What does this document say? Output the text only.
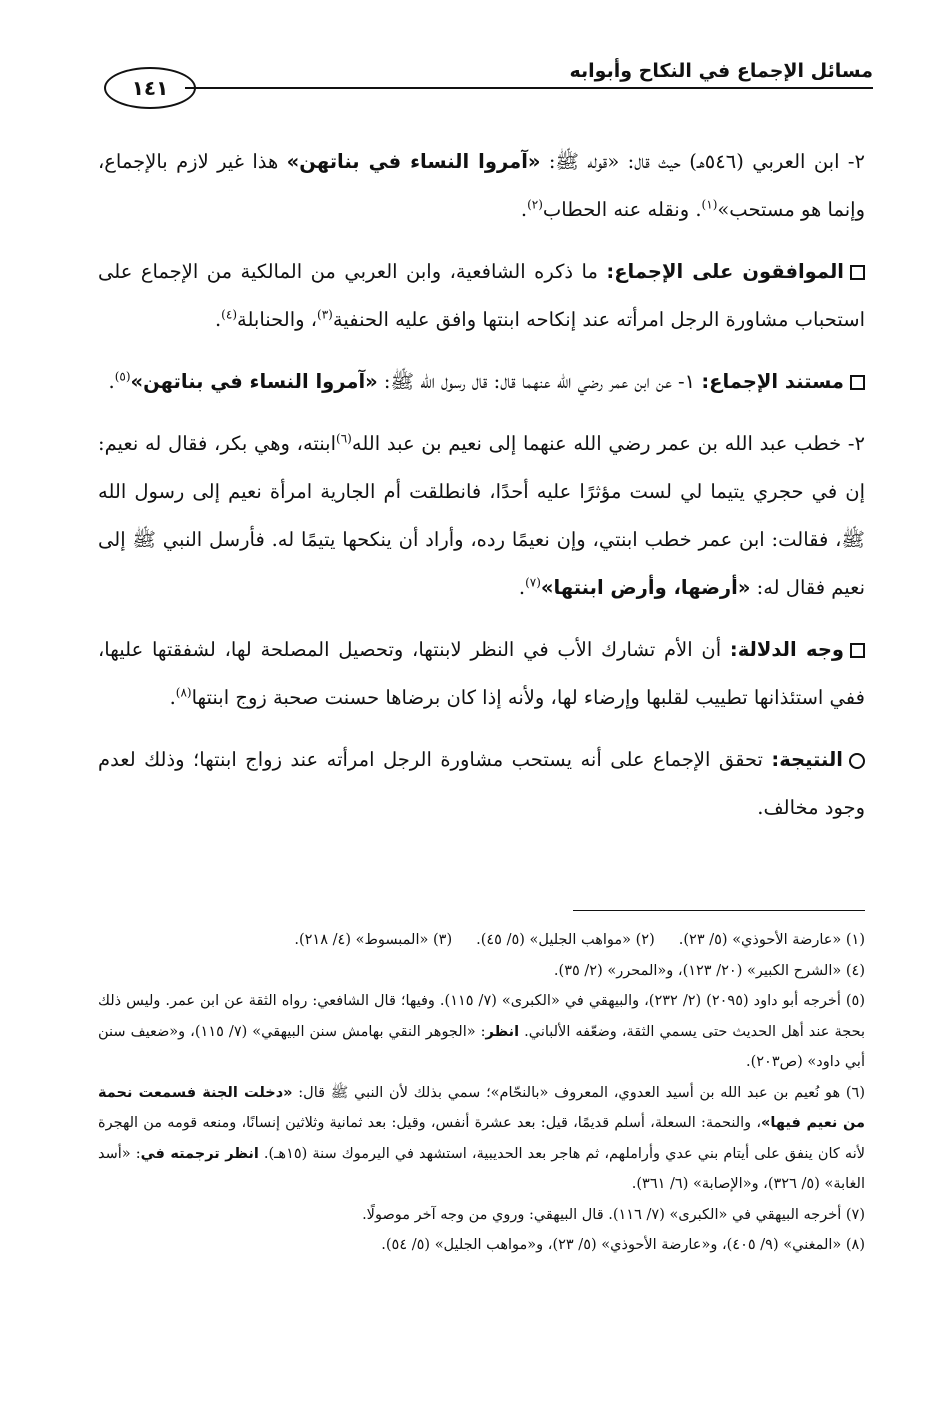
مسائل الإجماع في النكاح وأبوابه
١٤١

٢- ابن العربي (٥٤٦هـ) حيث قال: «قوله ﷺ: «آمروا النساء في بناتهن» هذا غير لازم بالإجماع، وإنما هو مستحب»$^{(١)}$. ونقله عنه الحطاب$^{(٢)}$.

الموافقون على الإجماع: ما ذكره الشافعية، وابن العربي من المالكية من الإجماع على استحباب مشاورة الرجل امرأته عند إنكاحه ابنتها وافق عليه الحنفية$^{(٣)}$، والحنابلة$^{(٤)}$.

مستند الإجماع: ١- عن ابن عمر رضي الله عنهما قال: قال رسول الله ﷺ: «آمروا النساء في بناتهن»$^{(٥)}$.

٢- خطب عبد الله بن عمر رضي الله عنهما إلى نعيم بن عبد الله$^{(٦)}$ابنته، وهي بكر، فقال له نعيم: إن في حجري يتيما لي لست مؤثرًا عليه أحدًا، فانطلقت أم الجارية امرأة نعيم إلى رسول الله ﷺ، فقالت: ابن عمر خطب ابنتي، وإن نعيمًا رده، وأراد أن ينكحها يتيمًا له. فأرسل النبي ﷺ إلى نعيم فقال له: «أرضها، وأرض ابنتها»$^{(٧)}$.

وجه الدلالة: أن الأم تشارك الأب في النظر لابنتها، وتحصيل المصلحة لها، لشفقتها عليها، ففي استئذانها تطييب لقلبها وإرضاء لها، ولأنه إذا كان برضاها حسنت صحبة زوج ابنتها$^{(٨)}$.

النتيجة: تحقق الإجماع على أنه يستحب مشاورة الرجل امرأته عند زواج ابنتها؛ وذلك لعدم وجود مخالف.

(١) «عارضة الأحوذي» (٥/ ٢٣).
(٢) «مواهب الجليل» (٥/ ٤٥).
(٣) «المبسوط» (٤/ ٢١٨).

(٤) «الشرح الكبير» (٢٠/ ١٢٣)، و«المحرر» (٢/ ٣٥).

(٥) أخرجه أبو داود (٢٠٩٥) (٢/ ٢٣٢)، والبيهقي في «الكبرى» (٧/ ١١٥). وفيها؛ قال الشافعي: رواه الثقة عن ابن عمر. وليس ذلك بحجة عند أهل الحديث حتى يسمي الثقة، وضعّفه الألباني. انظر: «الجوهر النقي بهامش سنن البيهقي» (٧/ ١١٥)، و«ضعيف سنن أبي داود» (ص٢٠٣).

(٦) هو نُعيم بن عبد الله بن أسيد العدوي، المعروف «بالنحّام»؛ سمي بذلك لأن النبي ﷺ قال: «دخلت الجنة فسمعت نحمة من نعيم فيها»، والنحمة: السعلة، أسلم قديمًا، قيل: بعد عشرة أنفس، وقيل: بعد ثمانية وثلاثين إنسانًا، ومنعه قومه من الهجرة لأنه كان ينفق على أيتام بني عدي وأراملهم، ثم هاجر بعد الحديبية، استشهد في اليرموك سنة (١٥هـ). انظر ترجمته في: «أسد الغابة» (٥/ ٣٢٦)، و«الإصابة» (٦/ ٣٦١).

(٧) أخرجه البيهقي في «الكبرى» (٧/ ١١٦). قال البيهقي: وروي من وجه آخر موصولًا.

(٨) «المغني» (٩/ ٤٠٥)، و«عارضة الأحوذي» (٥/ ٢٣)، و«مواهب الجليل» (٥/ ٥٤).
